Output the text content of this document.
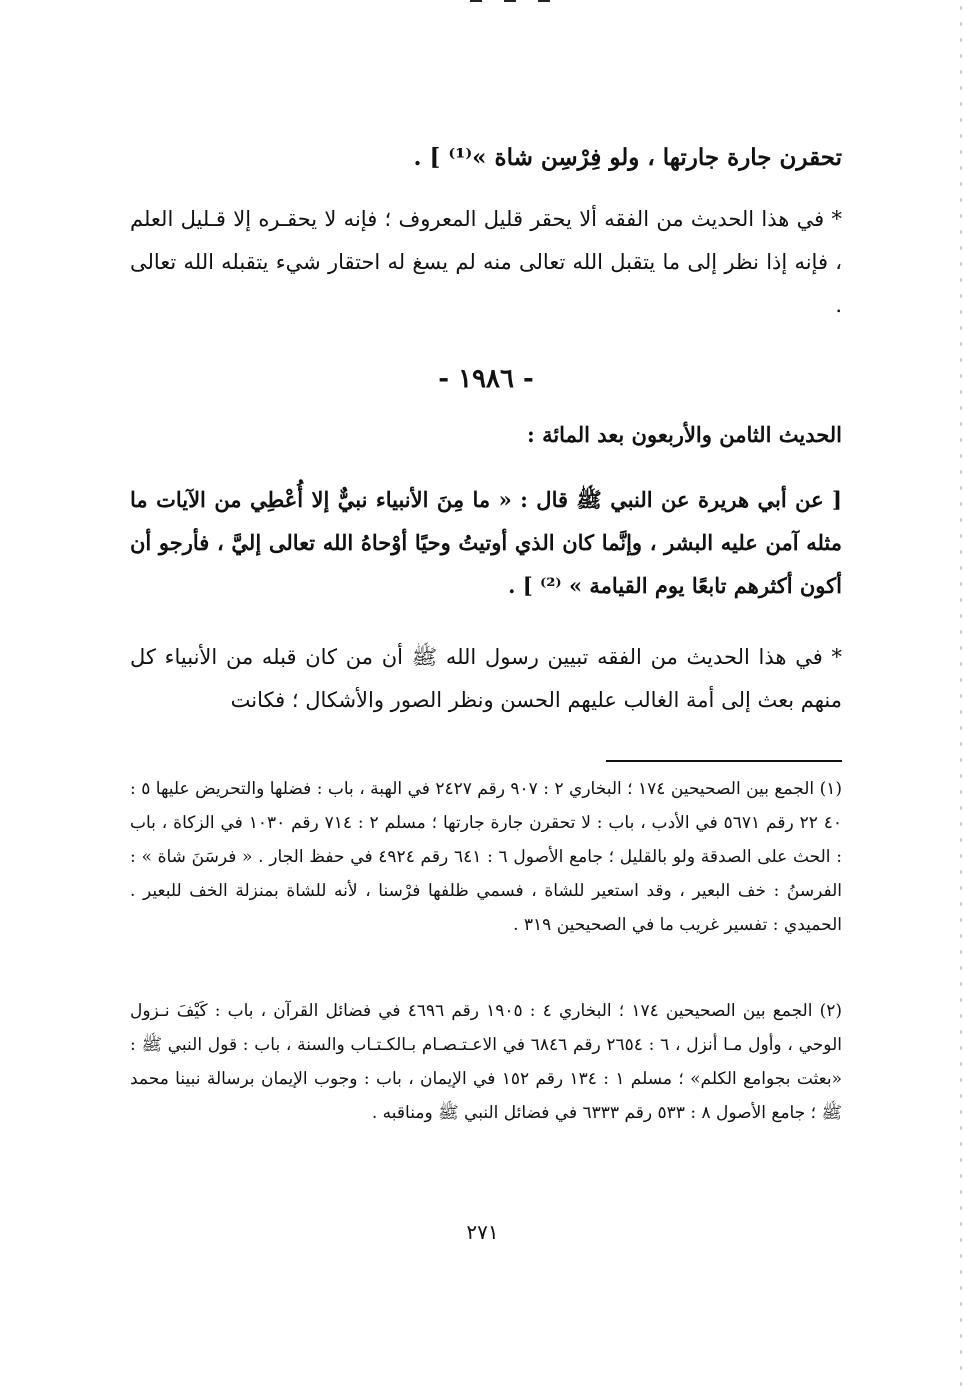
تحقرن جارة جارتها ، ولو فِرْسِن شاة »⁽¹⁾ ] .
* في هذا الحديث من الفقه ألا يحقر قليل المعروف ؛ فإنه لا يحقـره إلا قـليل العلم ، فإنه إذا نظر إلى ما يتقبل الله تعالى منه لم يسغ له احتقار شيء يتقبله الله تعالى .
- ١٩٨٦ -
الحديث الثامن والأربعون بعد المائة :
[ عن أبي هريرة عن النبي ﷺ قال : « ما مِنَ الأنبياء نبيٌّ إلا أُعْطِي من الآيات ما مثله آمن عليه البشر ، وإنَّما كان الذي أوتيتُ وحيًا أوْحاهُ الله تعالى إليَّ ، فأرجو أن أكون أكثرهم تابعًا يوم القيامة » ⁽²⁾ ] .
* في هذا الحديث من الفقه تبيين رسول الله ﷺ أن من كان قبله من الأنبياء كل منهم بعث إلى أمة الغالب عليهم الحسن ونظر الصور والأشكال ؛ فكانت
(١) الجمع بين الصحيحين ١٧٤ ؛ البخاري ٢ : ٩٠٧ رقم ٢٤٢٧ في الهبة ، باب : فضلها والتحريض عليها ٥ : ٤٠ ٢٢ رقم ٥٦٧١ في الأدب ، باب : لا تحقرن جارة جارتها ؛ مسلم ٢ : ٧١٤ رقم ١٠٣٠ في الزكاة ، باب : الحث على الصدقة ولو بالقليل ؛ جامع الأصول ٦ : ٦٤١ رقم ٤٩٢٤ في حفظ الجار . « فرسَنَ شاة » : الفرسنُ : خف البعير ، وقد استعير للشاة ، فسمي ظلفها فرْسنا ، لأنه للشاة بمنزلة الخف للبعير . الحميدي : تفسير غريب ما في الصحيحين ٣١٩ .
(٢) الجمع بين الصحيحين ١٧٤ ؛ البخاري ٤ : ١٩٠٥ رقم ٤٦٩٦ في فضائل القرآن ، باب : كَيْفَ نـزول الوحي ، وأول مـا أنزل ، ٦ : ٢٦٥٤ رقم ٦٨٤٦ في الاعـتـصـام بـالكـتـاب والسنة ، باب : قول النبي ﷺ : «بعثت بجوامع الكلم» ؛ مسلم ١ : ١٣٤ رقم ١٥٢ في الإيمان ، باب : وجوب الإيمان برسالة نبينا محمد ﷺ ؛ جامع الأصول ٨ : ٥٣٣ رقم ٦٣٣٣ في فضائل النبي ﷺ ومناقبه .
٢٧١
